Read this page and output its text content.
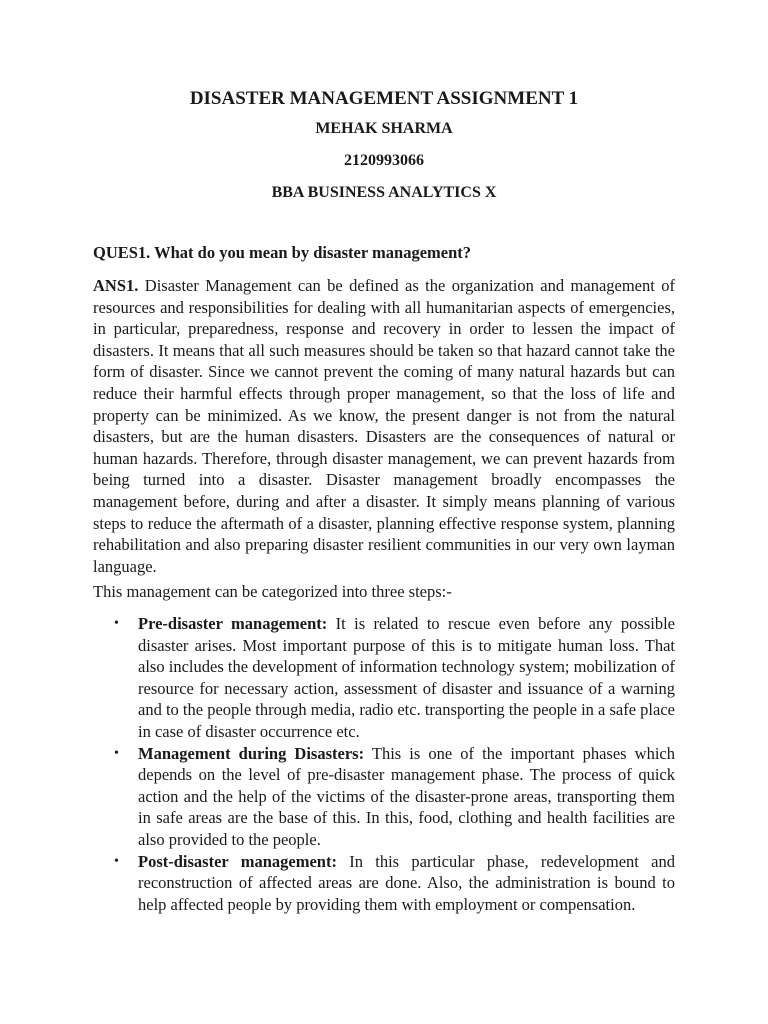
DISASTER MANAGEMENT ASSIGNMENT 1
MEHAK SHARMA
2120993066
BBA BUSINESS ANALYTICS X
QUES1. What do you mean by disaster management?

ANS1. Disaster Management can be defined as the organization and management of resources and responsibilities for dealing with all humanitarian aspects of emergencies, in particular, preparedness, response and recovery in order to lessen the impact of disasters. It means that all such measures should be taken so that hazard cannot take the form of disaster. Since we cannot prevent the coming of many natural hazards but can reduce their harmful effects through proper management, so that the loss of life and property can be minimized. As we know, the present danger is not from the natural disasters, but are the human disasters. Disasters are the consequences of natural or human hazards. Therefore, through disaster management, we can prevent hazards from being turned into a disaster. Disaster management broadly encompasses the management before, during and after a disaster. It simply means planning of various steps to reduce the aftermath of a disaster, planning effective response system, planning rehabilitation and also preparing disaster resilient communities in our very own layman language.

This management can be categorized into three steps:-

• Pre-disaster management: It is related to rescue even before any possible disaster arises. Most important purpose of this is to mitigate human loss. That also includes the development of information technology system; mobilization of resource for necessary action, assessment of disaster and issuance of a warning and to the people through media, radio etc. transporting the people in a safe place in case of disaster occurrence etc.
• Management during Disasters: This is one of the important phases which depends on the level of pre-disaster management phase. The process of quick action and the help of the victims of the disaster-prone areas, transporting them in safe areas are the base of this. In this, food, clothing and health facilities are also provided to the people.
• Post-disaster management: In this particular phase, redevelopment and reconstruction of affected areas are done. Also, the administration is bound to help affected people by providing them with employment or compensation.
